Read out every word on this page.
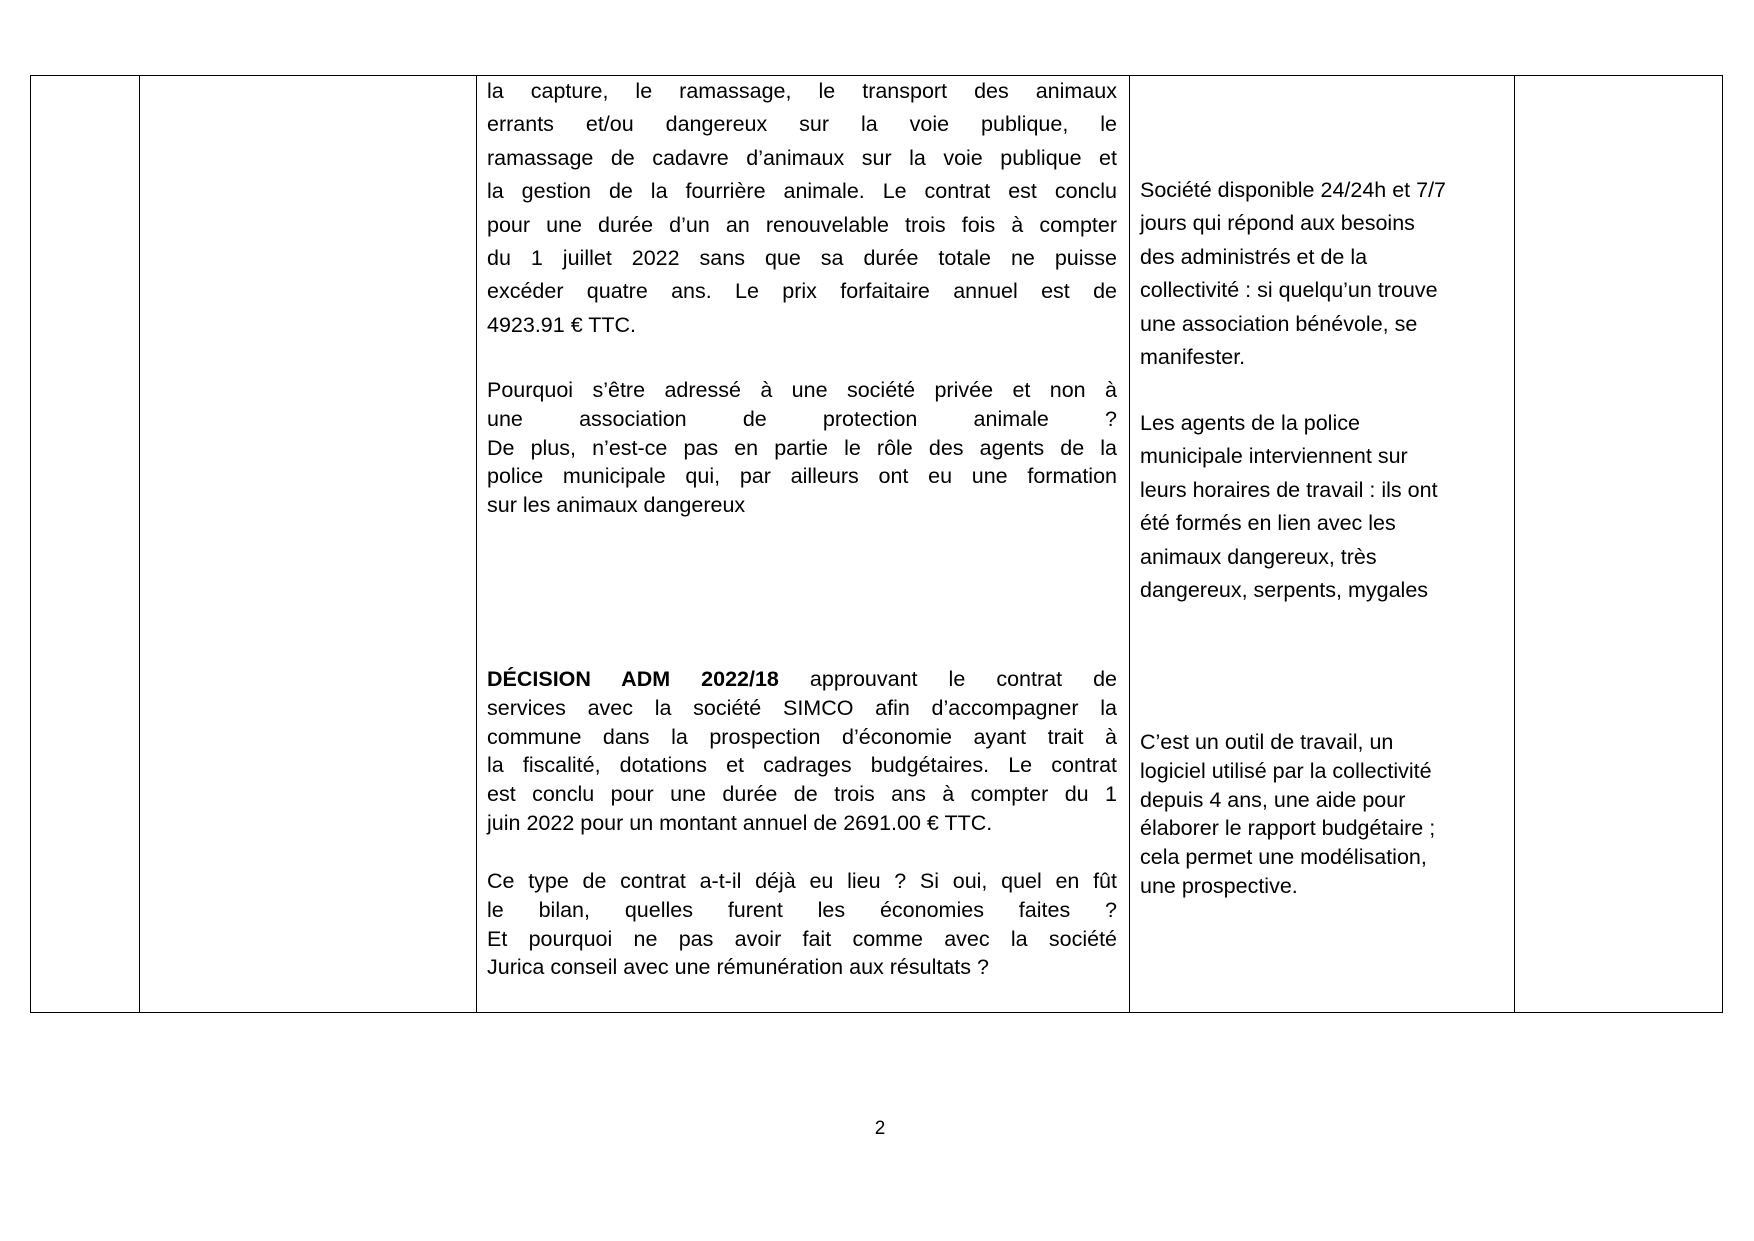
la capture, le ramassage, le transport des animaux
errants et/ou dangereux sur la voie publique, le
ramassage de cadavre d’animaux sur la voie publique et
la gestion de la fourrière animale. Le contrat est conclu
pour une durée d’un an renouvelable trois fois à compter
du 1 juillet 2022 sans que sa durée totale ne puisse
excéder quatre ans. Le prix forfaitaire annuel est de
4923.91 € TTC.
Pourquoi s’être adressé à une société privée et non à
une association de protection animale ?
De plus, n’est-ce pas en partie le rôle des agents de la
police municipale qui, par ailleurs ont eu une formation
sur les animaux dangereux
DÉCISION ADM 2022/18 approuvant le contrat de
services avec la société SIMCO afin d’accompagner la
commune dans la prospection d’économie ayant trait à
la fiscalité, dotations et cadrages budgétaires. Le contrat
est conclu pour une durée de trois ans à compter du 1
juin 2022 pour un montant annuel de 2691.00 € TTC.
Ce type de contrat a-t-il déjà eu lieu ? Si oui, quel en fût
le bilan, quelles furent les économies faites ?
Et pourquoi ne pas avoir fait comme avec la société
Jurica conseil avec une rémunération aux résultats ?
Société disponible 24/24h et 7/7
jours qui répond aux besoins
des administrés et de la
collectivité : si quelqu’un trouve
une association bénévole, se
manifester.
Les agents de la police
municipale interviennent sur
leurs horaires de travail : ils ont
été formés en lien avec les
animaux dangereux, très
dangereux, serpents, mygales
C’est un outil de travail, un
logiciel utilisé par la collectivité
depuis 4 ans, une aide pour
élaborer le rapport budgétaire ;
cela permet une modélisation,
une prospective.
2
